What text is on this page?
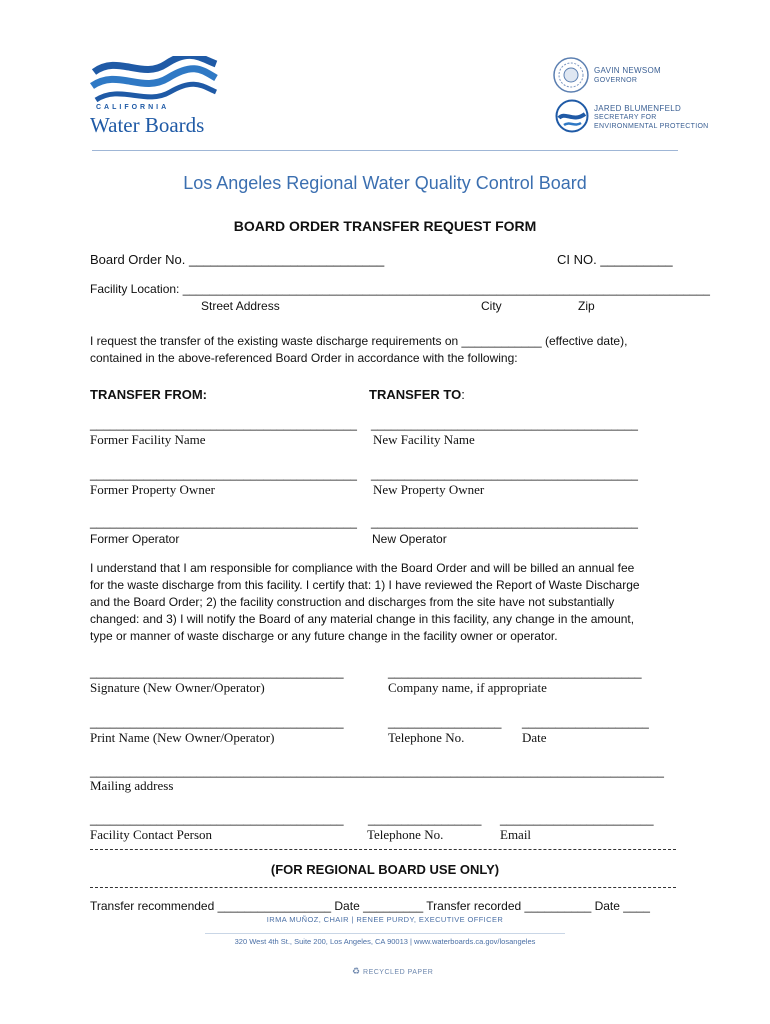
CALIFORNIA
Water Boards
GAVIN NEWSOM
GOVERNOR
JARED BLUMENFELD
SECRETARY FOR
ENVIRONMENTAL PROTECTION
Los Angeles Regional Water Quality Control Board
BOARD ORDER TRANSFER REQUEST FORM
Board Order No. ___________________________	CI NO. __________
Facility Location: _______________________________________________________________________________
Street Address	City	Zip
I request the transfer of the existing waste discharge requirements on ____________ (effective date),
contained in the above-referenced Board Order in accordance with the following:
TRANSFER FROM:	TRANSFER TO:
________________________________________ ________________________________________
Former Facility Name	New Facility Name
________________________________________ ________________________________________
Former Property Owner	New Property Owner
________________________________________ ________________________________________
Former Operator	New Operator
I understand that I am responsible for compliance with the Board Order and will be billed an annual fee
for the waste discharge from this facility. I certify that: 1) I have reviewed the Report of Waste Discharge
and the Board Order; 2) the facility construction and discharges from the site have not substantially
changed: and 3) I will notify the Board of any material change in this facility, any change in the amount,
type or manner of waste discharge or any future change in the facility owner or operator.
______________________________________	______________________________________
Signature (New Owner/Operator)	Company name, if appropriate
______________________________________	_________________ ___________________
Print Name (New Owner/Operator)	Telephone No.	Date
______________________________________________________________________________________
Mailing address
______________________________________ _________________ _______________________
Facility Contact Person	Telephone No.	Email
(FOR REGIONAL BOARD USE ONLY)
Transfer recommended _________________ Date _________ Transfer recorded __________ Date ____
IRMA MUÑOZ, CHAIR | RENEE PURDY, EXECUTIVE OFFICER
320 West 4th St., Suite 200, Los Angeles, CA 90013 | www.waterboards.ca.gov/losangeles
♻ RECYCLED PAPER
